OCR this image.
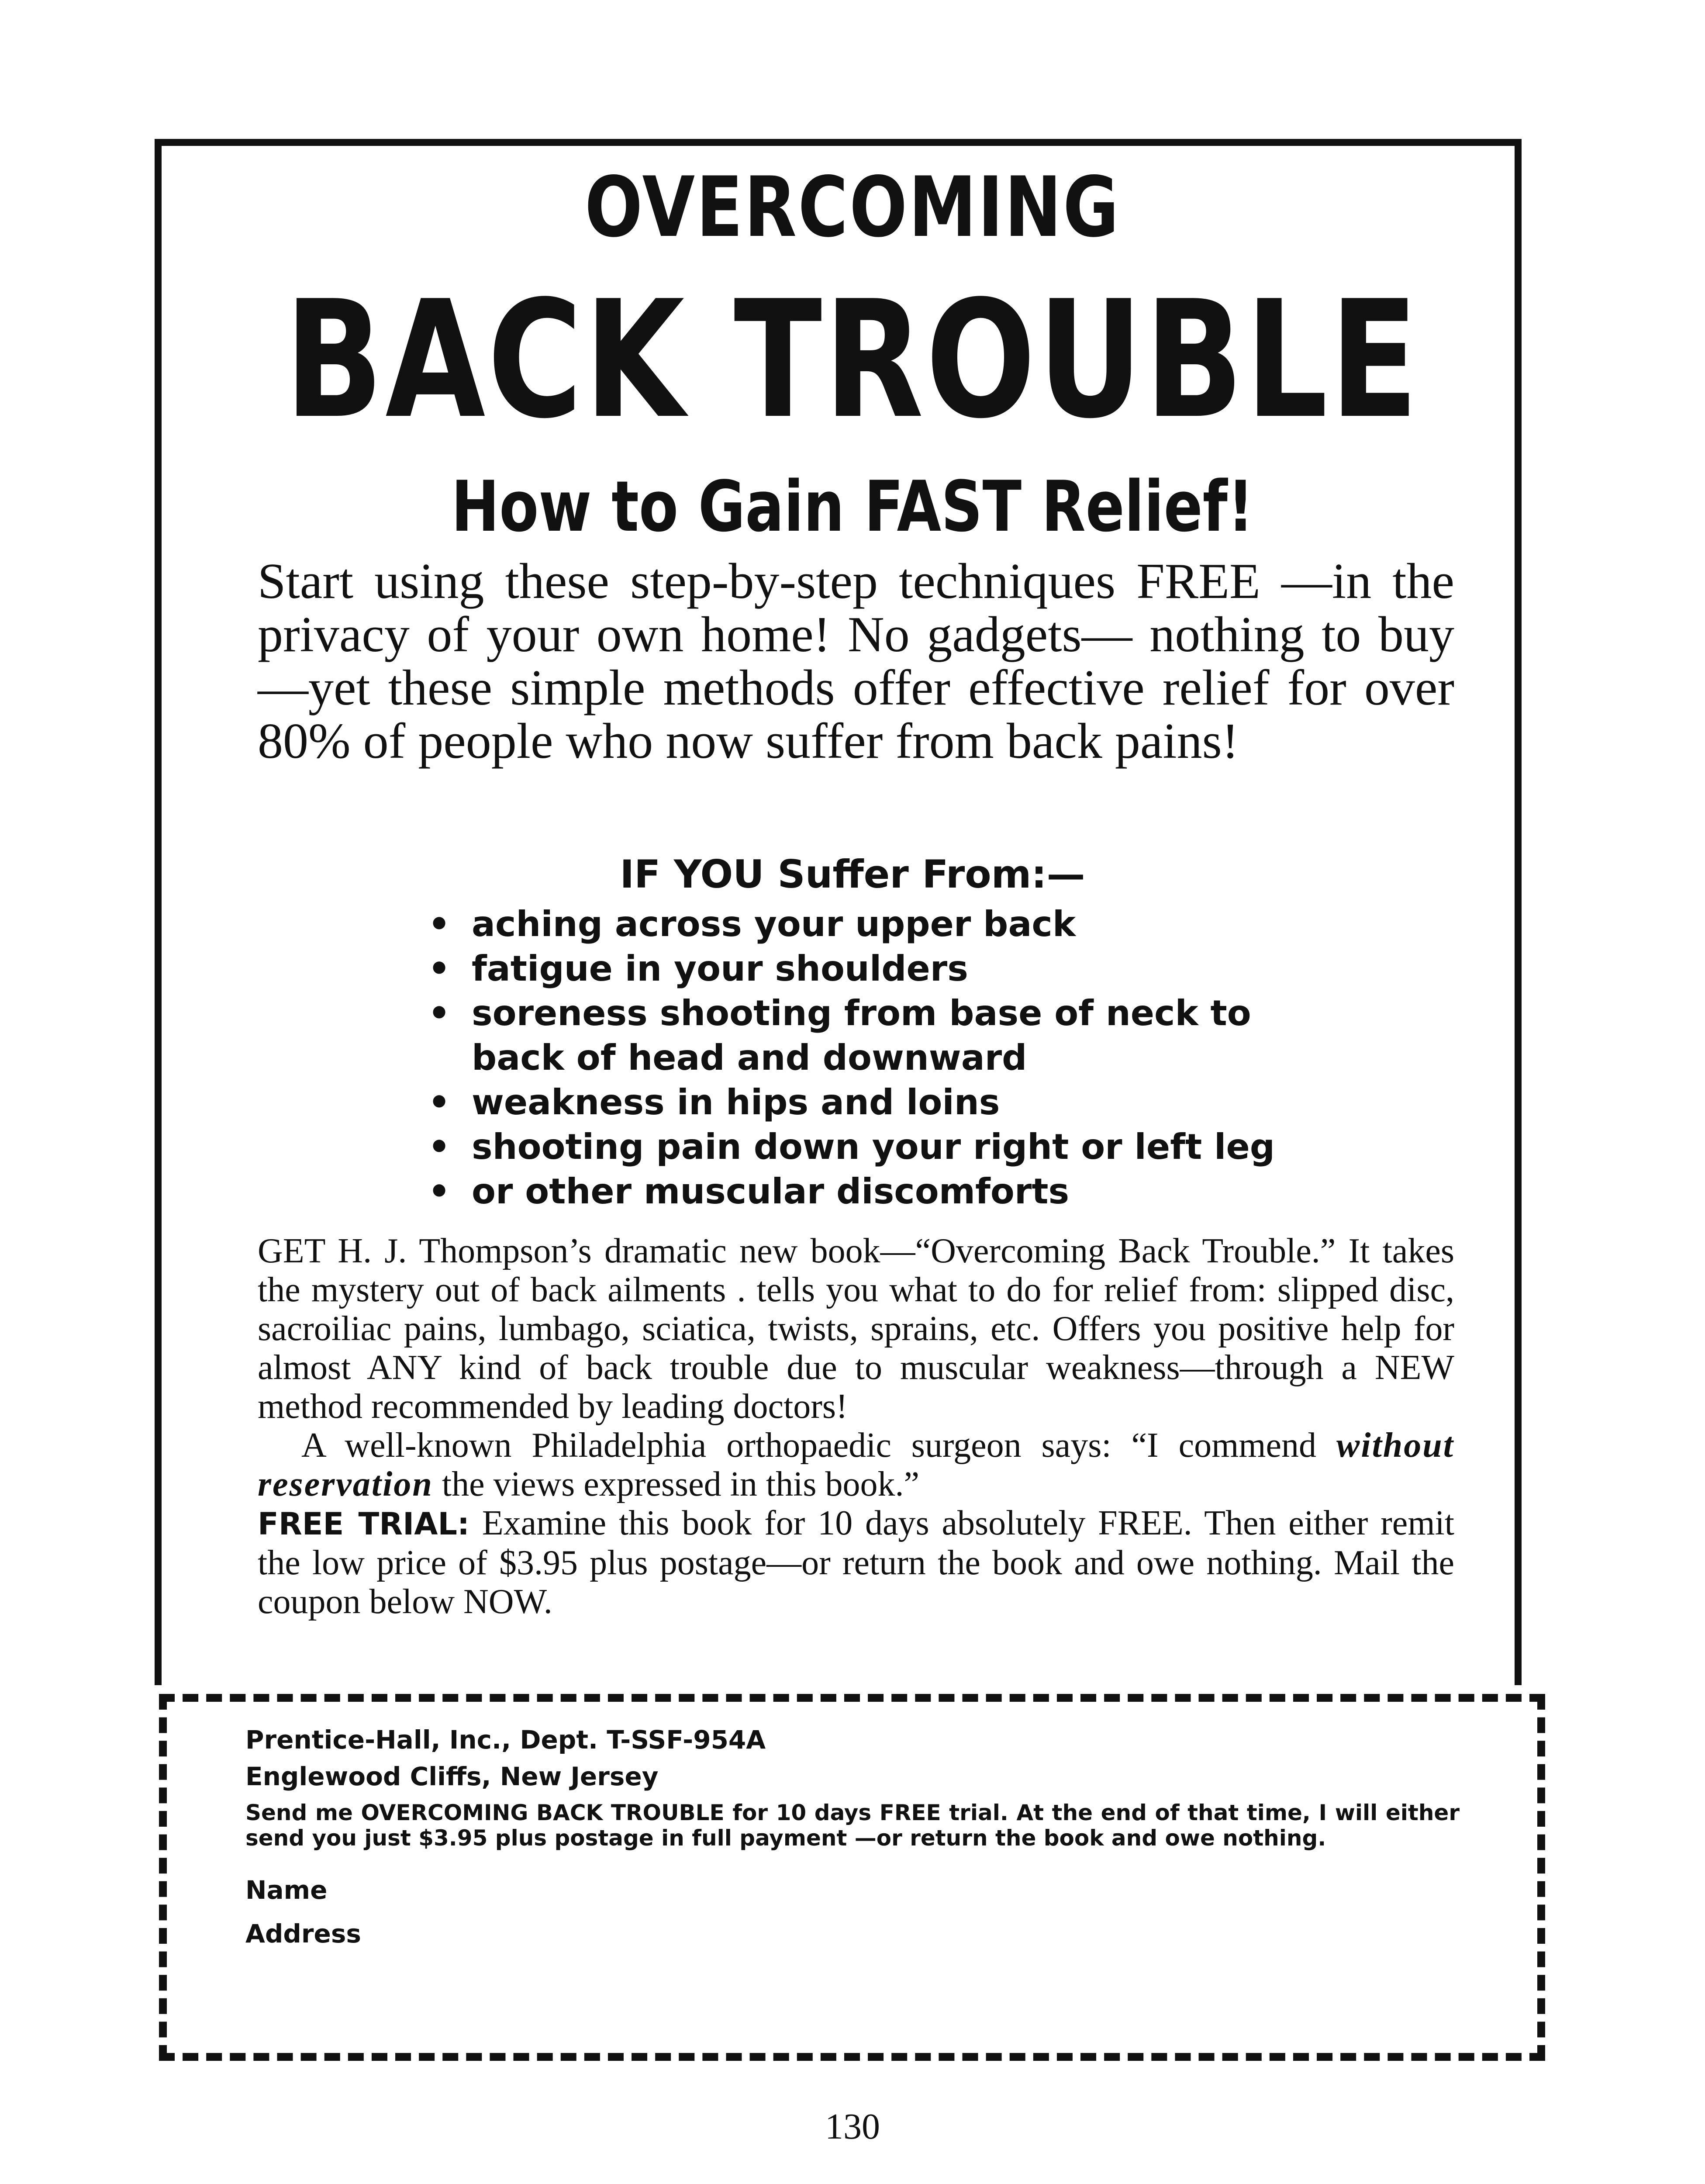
OVERCOMING
BACK TROUBLE
How to Gain FAST Relief!
Start using these step-by-step techniques FREE —in the privacy of your own home! No gadgets— nothing to buy—yet these simple methods offer effective relief for over 80% of people who now suffer from back pains!
IF YOU Suffer From:—
• aching across your upper back
• fatigue in your shoulders
• soreness shooting from base of neck to back of head and downward
• weakness in hips and loins
• shooting pain down your right or left leg
• or other muscular discomforts

GET H. J. Thompson’s dramatic new book—“Overcoming Back Trouble.” It takes the mystery out of back ailments . tells you what to do for relief from: slipped disc, sacroiliac pains, lumbago, sciatica, twists, sprains, etc. Offers you positive help for almost ANY kind of back trouble due to muscular weakness—through a NEW method recommended by leading doctors!

A well-known Philadelphia orthopaedic surgeon says: “I commend without reservation the views expressed in this book.”

FREE TRIAL: Examine this book for 10 days absolutely FREE. Then either remit the low price of $3.95 plus postage—or return the book and owe nothing. Mail the coupon below NOW.

Prentice-Hall, Inc., Dept. T-SSF-954A
Englewood Cliffs, New Jersey
Send me OVERCOMING BACK TROUBLE for 10 days FREE trial. At the end of that time, I will either send you just $3.95 plus postage in full payment —or return the book and owe nothing.
Name
Address
130
